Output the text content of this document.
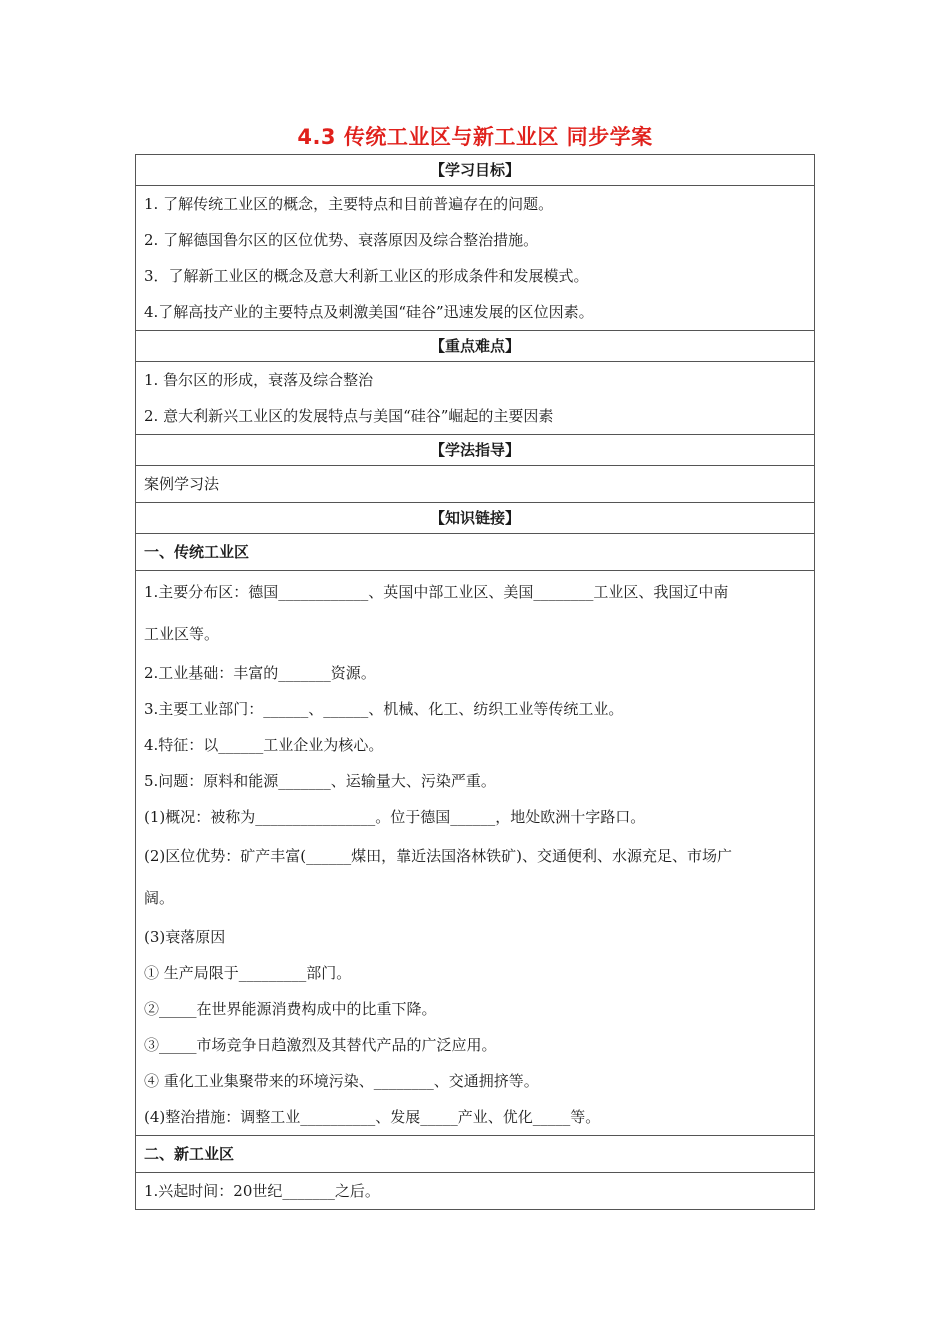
4.3 传统工业区与新工业区 同步学案
【学习目标】
1. 了解传统工业区的概念，主要特点和目前普遍存在的问题。
2. 了解德国鲁尔区的区位优势、衰落原因及综合整治措施。
3．了解新工业区的概念及意大利新工业区的形成条件和发展模式。
4.了解高技产业的主要特点及刺激美国“硅谷”迅速发展的区位因素。
【重点难点】
1. 鲁尔区的形成，衰落及综合整治
2. 意大利新兴工业区的发展特点与美国“硅谷”崛起的主要因素
【学法指导】
案例学习法
【知识链接】
一、传统工业区
1.主要分布区：德国____________、英国中部工业区、美国________工业区、我国辽中南
工业区等。
2.工业基础：丰富的_______资源。
3.主要工业部门：______、______、机械、化工、纺织工业等传统工业。
4.特征：以______工业企业为核心。
5.问题：原料和能源_______、运输量大、污染严重。
(1)概况：被称为________________。位于德国______，地处欧洲十字路口。
(2)区位优势：矿产丰富(______煤田，靠近法国洛林铁矿)、交通便利、水源充足、市场广
阔。
(3)衰落原因
① 生产局限于_________部门。
②_____在世界能源消费构成中的比重下降。
③_____市场竞争日趋激烈及其替代产品的广泛应用。
④ 重化工业集聚带来的环境污染、________、交通拥挤等。
(4)整治措施：调整工业__________、发展_____产业、优化_____等。
二、新工业区
1.兴起时间：20世纪_______之后。
